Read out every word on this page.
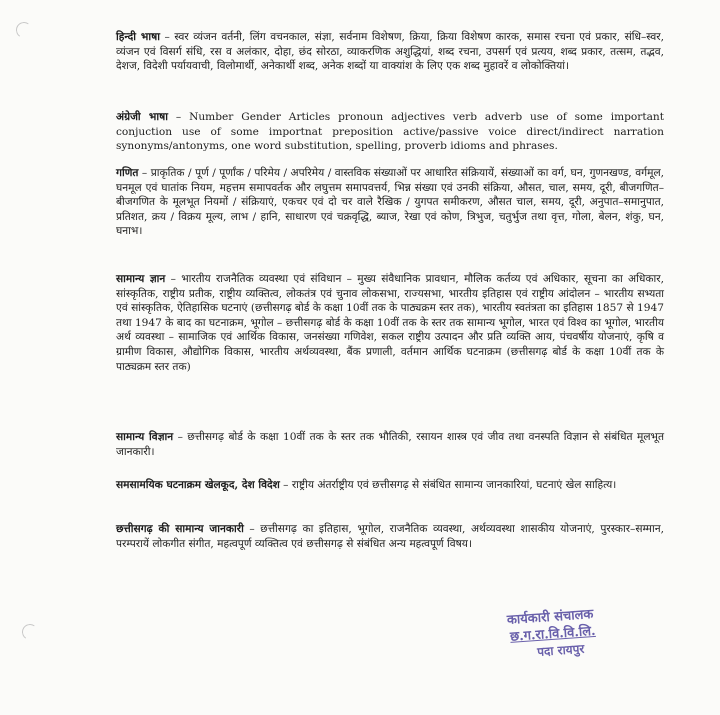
हिन्दी भाषा – स्वर व्यंजन वर्तनी, लिंग वचनकाल, संज्ञा, सर्वनाम विशेषण, क्रिया, क्रिया विशेषण कारक, समास रचना एवं प्रकार, संधि–स्वर, व्यंजन एवं विसर्ग संधि, रस व अलंकार, दोहा, छंद सोरठा, व्याकरणिक अशुद्धियां, शब्द रचना, उपसर्ग एवं प्रत्यय, शब्द प्रकार, तत्सम, तद्भव, देशज, विदेशी पर्यायवाची, विलोमार्थी, अनेकार्थी शब्द, अनेक शब्दों या वाक्यांश के लिए एक शब्द मुहावरें व लोकोक्तियां।
अंग्रेजी भाषा – Number Gender Articles pronoun adjectives verb adverb use of some important conjuction use of some importnat preposition active/passive voice direct/indirect narration synonyms/antonyms, one word substitution, spelling, proverb idioms and phrases.
गणित – प्राकृतिक / पूर्ण / पूर्णांक / परिमेय / अपरिमेय / वास्तविक संख्याओं पर आधारित संक्रियायें, संख्याओं का वर्ग, घन, गुणनखण्ड, वर्गमूल, घनमूल एवं घातांक नियम, महत्तम समापवर्तक और लघुत्तम समापवत्तर्य, भिन्न संख्या एवं उनकी संक्रिया, औसत, चाल, समय, दूरी, बीजगणित–बीजगणित के मूलभूत नियमों / संक्रियाएं, एकचर एवं दो चर वाले रैखिक / युगपत समीकरण, औसत चाल, समय, दूरी, अनुपात–समानुपात, प्रतिशत, क्रय / विक्रय मूल्य, लाभ / हानि, साधारण एवं चक्रवृद्धि, ब्याज, रेखा एवं कोण, त्रिभुज, चतुर्भुज तथा वृत्त, गोला, बेलन, शंकु, घन, घनाभ।
सामान्य ज्ञान – भारतीय राजनैतिक व्यवस्था एवं संविधान – मुख्य संवैधानिक प्रावधान, मौलिक कर्तव्य एवं अधिकार, सूचना का अधिकार, सांस्कृतिक, राष्ट्रीय प्रतीक, राष्ट्रीय व्यक्तित्व, लोकतंत्र एवं चुनाव लोकसभा, राज्यसभा, भारतीय इतिहास एवं राष्ट्रीय आंदोलन – भारतीय सभ्यता एवं सांस्कृतिक, ऐतिहासिक घटनाएं (छत्तीसगढ़ बोर्ड के कक्षा 10वीं तक के पाठ्यक्रम स्तर तक), भारतीय स्वतंत्रता का इतिहास 1857 से 1947 तथा 1947 के बाद का घटनाक्रम, भूगोल – छत्तीसगढ़ बोर्ड के कक्षा 10वीं तक के स्तर तक सामान्य भूगोल, भारत एवं विश्व का भूगोल, भारतीय अर्थ व्यवस्था – सामाजिक एवं आर्थिक विकास, जनसंख्या गणिवेश, सकल राष्ट्रीय उत्पादन और प्रति व्यक्ति आय, पंचवर्षीय योजनाएं, कृषि व ग्रामीण विकास, औद्योगिक विकास, भारतीय अर्थव्यवस्था, बैंक प्रणाली, वर्तमान आर्थिक घटनाक्रम (छत्तीसगढ़ बोर्ड के कक्षा 10वीं तक के पाठ्यक्रम स्तर तक)
सामान्य विज्ञान – छत्तीसगढ़ बोर्ड के कक्षा 10वीं तक के स्तर तक भौतिकी, रसायन शास्त्र एवं जीव तथा वनस्पति विज्ञान से संबंधित मूलभूत जानकारी।
समसामयिक घटनाक्रम खेलकूद, देश विदेश – राष्ट्रीय अंतर्राष्ट्रीय एवं छत्तीसगढ़ से संबंधित सामान्य जानकारियां, घटनाएं खेल साहित्य।
छत्तीसगढ़ की सामान्य जानकारी – छत्तीसगढ़ का इतिहास, भूगोल, राजनैतिक व्यवस्था, अर्थव्यवस्था शासकीय योजनाएं, पुरस्कार–सम्मान, परम्परायें लोकगीत संगीत, महत्वपूर्ण व्यक्तित्व एवं छत्तीसगढ़ से संबंधित अन्य महत्वपूर्ण विषय।
कार्यकारी संचालक
छ.ग.रा.वि.वि.लि.
पदा रायपुर
